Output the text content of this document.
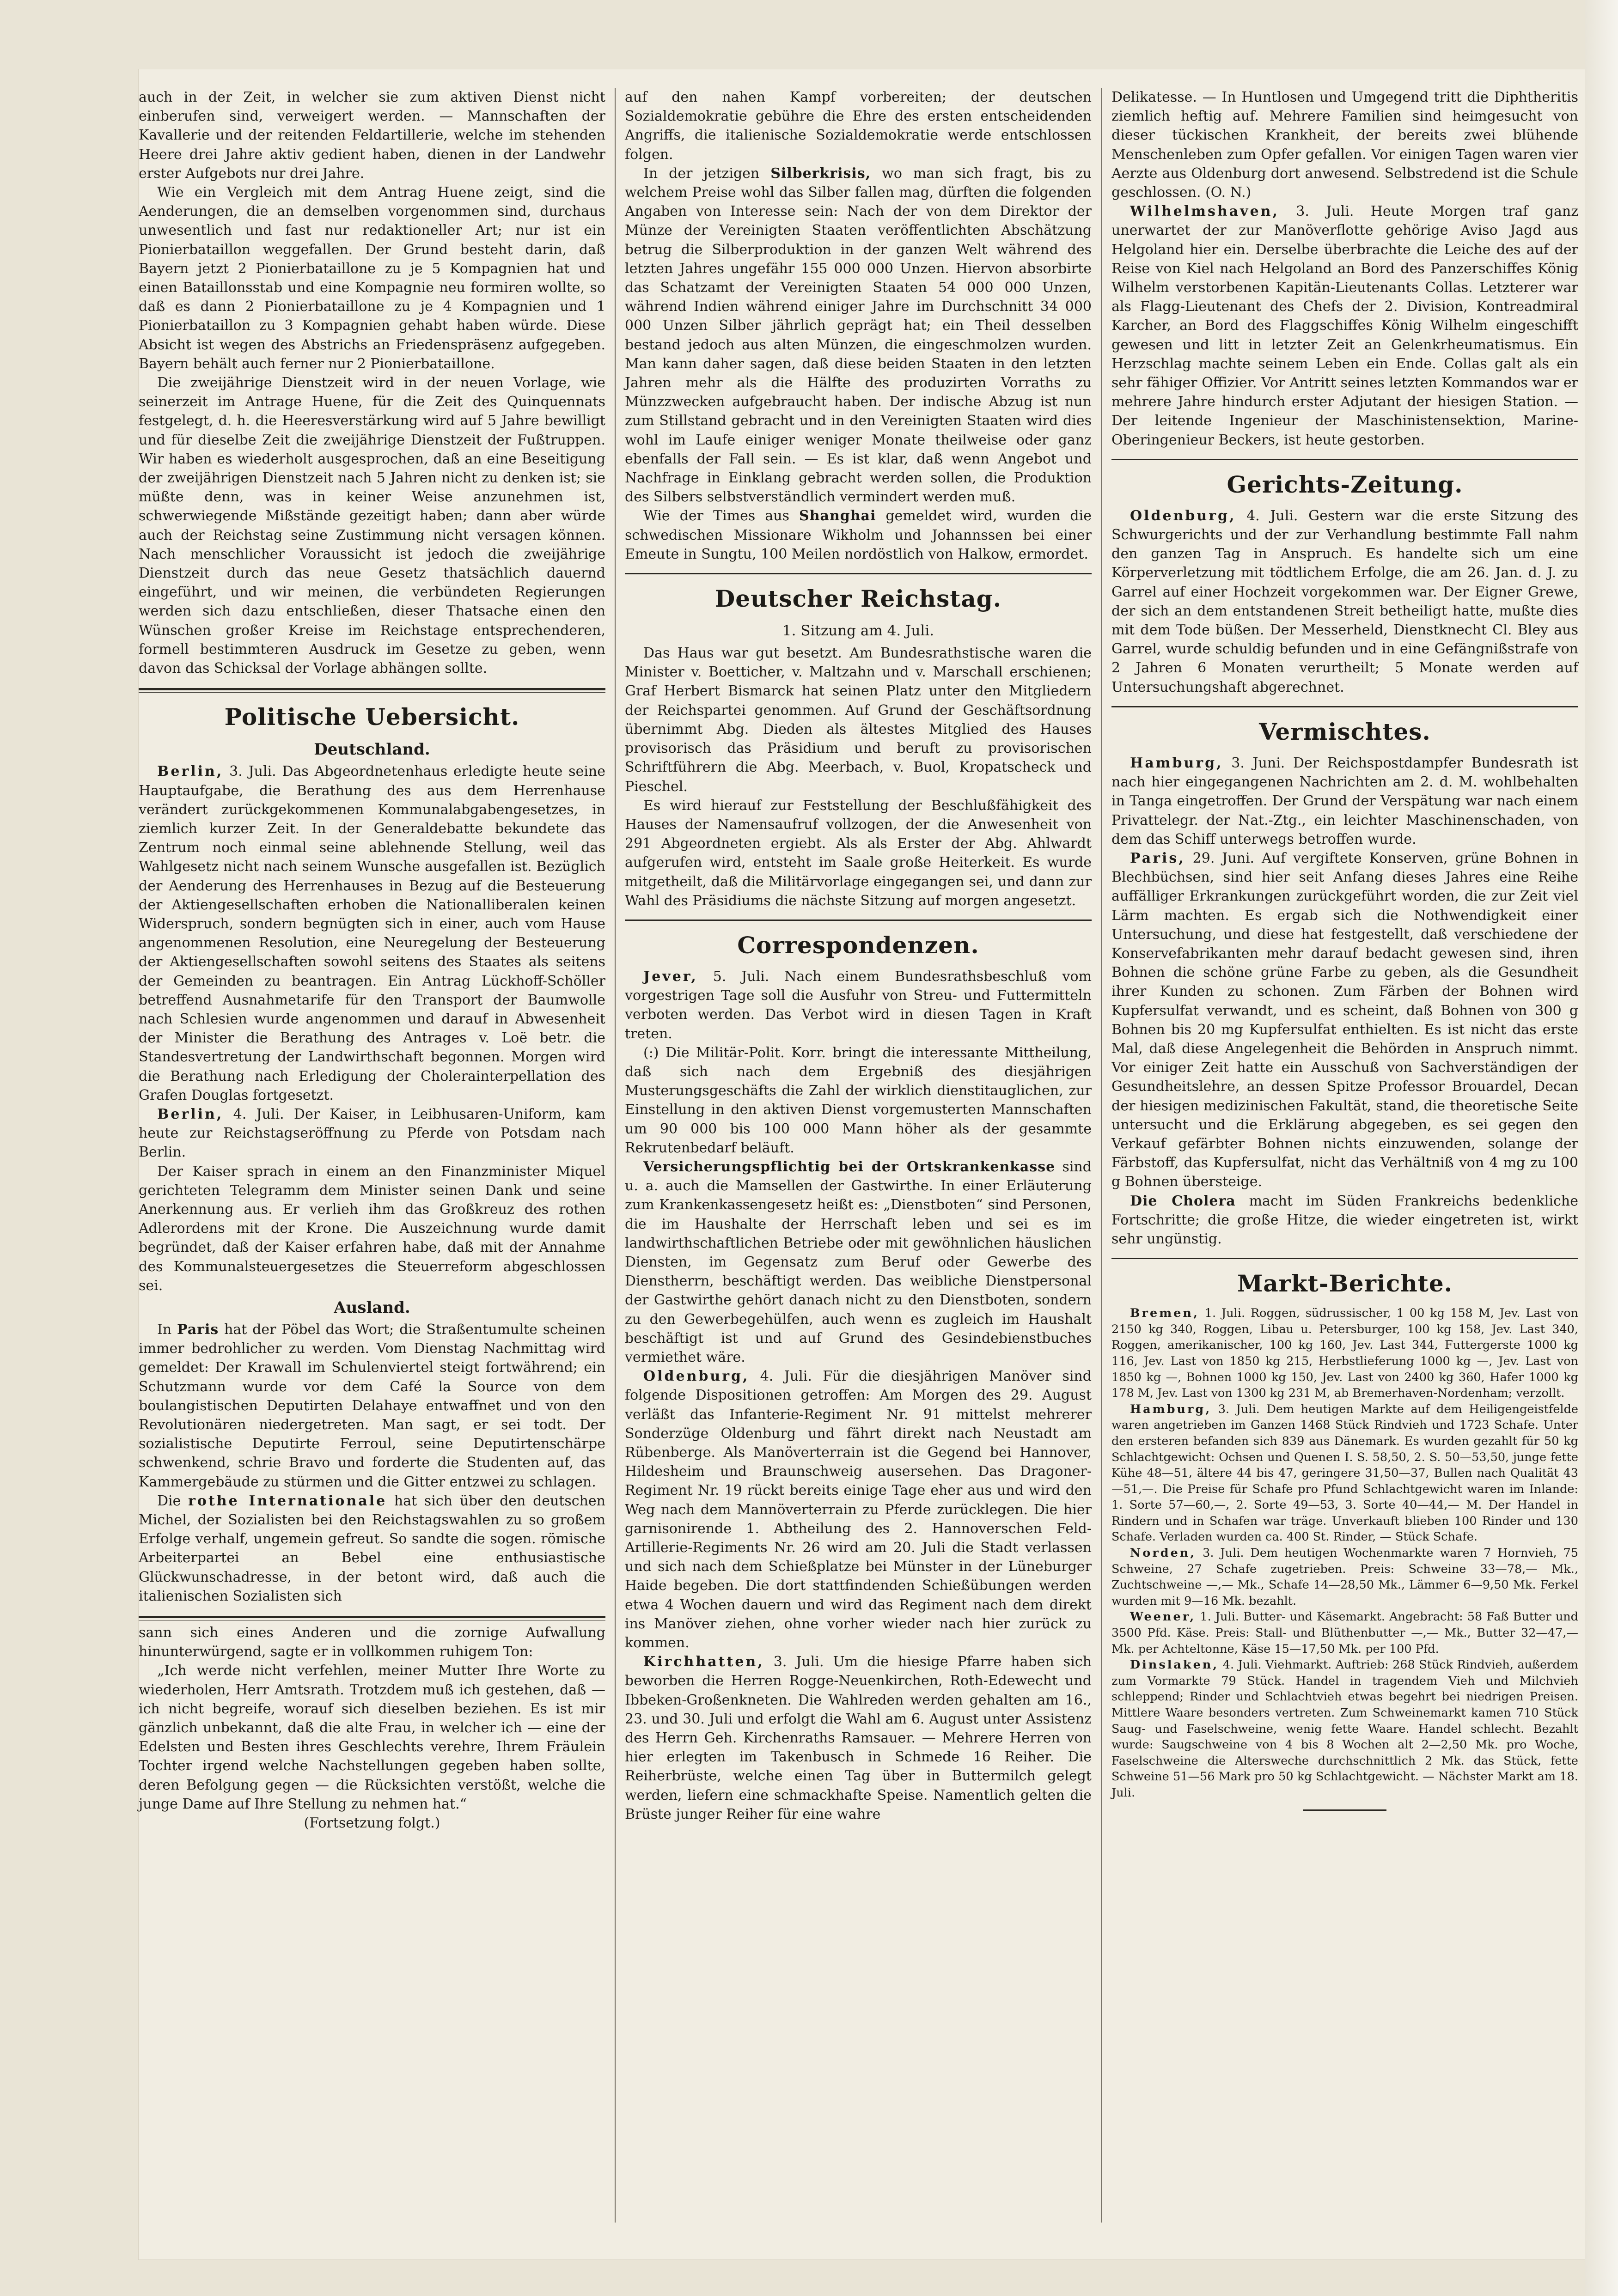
auch in der Zeit, in welcher sie zum aktiven Dienst nicht einberufen sind, verweigert werden. — Mannschaften der Kavallerie und der reitenden Feldartillerie, welche im stehenden Heere drei Jahre aktiv gedient haben, dienen in der Landwehr erster Aufgebots nur drei Jahre.

Wie ein Vergleich mit dem Antrag Huene zeigt, sind die Aenderungen, die an demselben vorgenommen sind, durchaus unwesentlich und fast nur redaktioneller Art; nur ist ein Pionierbataillon weggefallen. Der Grund besteht darin, daß Bayern jetzt 2 Pionierbataillone zu je 5 Kompagnien hat und einen Bataillonsstab und eine Kompagnie neu formiren wollte, so daß es dann 2 Pionierbataillone zu je 4 Kompagnien und 1 Pionierbataillon zu 3 Kompagnien gehabt haben würde. Diese Absicht ist wegen des Abstrichs an Friedenspräsenz aufgegeben. Bayern behält auch ferner nur 2 Pionierbataillone.

Die zweijährige Dienstzeit wird in der neuen Vorlage, wie seinerzeit im Antrage Huene, für die Zeit des Quinquennats festgelegt, d. h. die Heeresverstärkung wird auf 5 Jahre bewilligt und für dieselbe Zeit die zweijährige Dienstzeit der Fußtruppen. Wir haben es wiederholt ausgesprochen, daß an eine Beseitigung der zweijährigen Dienstzeit nach 5 Jahren nicht zu denken ist; sie müßte denn, was in keiner Weise anzunehmen ist, schwerwiegende Mißstände gezeitigt haben; dann aber würde auch der Reichstag seine Zustimmung nicht versagen können. Nach menschlicher Voraussicht ist jedoch die zweijährige Dienstzeit durch das neue Gesetz thatsächlich dauernd eingeführt, und wir meinen, die verbündeten Regierungen werden sich dazu entschließen, dieser Thatsache einen den Wünschen großer Kreise im Reichstage entsprechenderen, formell bestimmteren Ausdruck im Gesetze zu geben, wenn davon das Schicksal der Vorlage abhängen sollte.

Politische Uebersicht.
Deutschland.

Berlin, 3. Juli. Das Abgeordnetenhaus erledigte heute seine Hauptaufgabe, die Berathung des aus dem Herrenhause verändert zurückgekommenen Kommunalabgabengesetzes, in ziemlich kurzer Zeit. In der Generaldebatte bekundete das Zentrum noch einmal seine ablehnende Stellung, weil das Wahlgesetz nicht nach seinem Wunsche ausgefallen ist. Bezüglich der Aenderung des Herrenhauses in Bezug auf die Besteuerung der Aktiengesellschaften erhoben die Nationalliberalen keinen Widerspruch, sondern begnügten sich in einer, auch vom Hause angenommenen Resolution, eine Neuregelung der Besteuerung der Aktiengesellschaften sowohl seitens des Staates als seitens der Gemeinden zu beantragen. Ein Antrag Lückhoff-Schöller betreffend Ausnahmetarife für den Transport der Baumwolle nach Schlesien wurde angenommen und darauf in Abwesenheit der Minister die Berathung des Antrages v. Loë betr. die Standesvertretung der Landwirthschaft begonnen. Morgen wird die Berathung nach Erledigung der Cholerainterpellation des Grafen Douglas fortgesetzt.

Berlin, 4. Juli. Der Kaiser, in Leibhusaren-Uniform, kam heute zur Reichstagseröffnung zu Pferde von Potsdam nach Berlin.

Der Kaiser sprach in einem an den Finanzminister Miquel gerichteten Telegramm dem Minister seinen Dank und seine Anerkennung aus. Er verlieh ihm das Großkreuz des rothen Adlerordens mit der Krone. Die Auszeichnung wurde damit begründet, daß der Kaiser erfahren habe, daß mit der Annahme des Kommunalsteuergesetzes die Steuerreform abgeschlossen sei.

Ausland.

In Paris hat der Pöbel das Wort; die Straßentumulte scheinen immer bedrohlicher zu werden. Vom Dienstag Nachmittag wird gemeldet: Der Krawall im Schulenviertel steigt fortwährend; ein Schutzmann wurde vor dem Café la Source von dem boulangistischen Deputirten Delahaye entwaffnet und von den Revolutionären niedergetreten. Man sagt, er sei todt. Der sozialistische Deputirte Ferroul, seine Deputirtenschärpe schwenkend, schrie Bravo und forderte die Studenten auf, das Kammergebäude zu stürmen und die Gitter entzwei zu schlagen.

Die rothe Internationale hat sich über den deutschen Michel, der Sozialisten bei den Reichstagswahlen zu so großem Erfolge verhalf, ungemein gefreut. So sandte die sogen. römische Arbeiterpartei an Bebel eine enthusiastische Glückwunschadresse, in der betont wird, daß auch die italienischen Sozialisten sich

sann sich eines Anderen und die zornige Aufwallung hinunterwürgend, sagte er in vollkommen ruhigem Ton:

„Ich werde nicht verfehlen, meiner Mutter Ihre Worte zu wiederholen, Herr Amtsrath. Trotzdem muß ich gestehen, daß — ich nicht begreife, worauf sich dieselben beziehen. Es ist mir gänzlich unbekannt, daß die alte Frau, in welcher ich — eine der Edelsten und Besten ihres Geschlechts verehre, Ihrem Fräulein Tochter irgend welche Nachstellungen gegeben haben sollte, deren Befolgung gegen — die Rücksichten verstößt, welche die junge Dame auf Ihre Stellung zu nehmen hat.“

(Fortsetzung folgt.)

auf den nahen Kampf vorbereiten; der deutschen Sozialdemokratie gebühre die Ehre des ersten entscheidenden Angriffs, die italienische Sozialdemokratie werde entschlossen folgen.

In der jetzigen Silberkrisis, wo man sich fragt, bis zu welchem Preise wohl das Silber fallen mag, dürften die folgenden Angaben von Interesse sein: Nach der von dem Direktor der Münze der Vereinigten Staaten veröffentlichten Abschätzung betrug die Silberproduktion in der ganzen Welt während des letzten Jahres ungefähr 155 000 000 Unzen. Hiervon absorbirte das Schatzamt der Vereinigten Staaten 54 000 000 Unzen, während Indien während einiger Jahre im Durchschnitt 34 000 000 Unzen Silber jährlich geprägt hat; ein Theil desselben bestand jedoch aus alten Münzen, die eingeschmolzen wurden. Man kann daher sagen, daß diese beiden Staaten in den letzten Jahren mehr als die Hälfte des produzirten Vorraths zu Münzzwecken aufgebraucht haben. Der indische Abzug ist nun zum Stillstand gebracht und in den Vereinigten Staaten wird dies wohl im Laufe einiger weniger Monate theilweise oder ganz ebenfalls der Fall sein. — Es ist klar, daß wenn Angebot und Nachfrage in Einklang gebracht werden sollen, die Produktion des Silbers selbstverständlich vermindert werden muß.

Wie der Times aus Shanghai gemeldet wird, wurden die schwedischen Missionare Wikholm und Johannssen bei einer Emeute in Sungtu, 100 Meilen nordöstlich von Halkow, ermordet.

Deutscher Reichstag.
1. Sitzung am 4. Juli.

Das Haus war gut besetzt. Am Bundesrathstische waren die Minister v. Boetticher, v. Maltzahn und v. Marschall erschienen; Graf Herbert Bismarck hat seinen Platz unter den Mitgliedern der Reichspartei genommen. Auf Grund der Geschäftsordnung übernimmt Abg. Dieden als ältestes Mitglied des Hauses provisorisch das Präsidium und beruft zu provisorischen Schriftführern die Abg. Meerbach, v. Buol, Kropatscheck und Pieschel.

Es wird hierauf zur Feststellung der Beschlußfähigkeit des Hauses der Namensaufruf vollzogen, der die Anwesenheit von 291 Abgeordneten ergiebt. Als als Erster der Abg. Ahlwardt aufgerufen wird, entsteht im Saale große Heiterkeit. Es wurde mitgetheilt, daß die Militärvorlage eingegangen sei, und dann zur Wahl des Präsidiums die nächste Sitzung auf morgen angesetzt.

Correspondenzen.

Jever, 5. Juli. Nach einem Bundesrathsbeschluß vom vorgestrigen Tage soll die Ausfuhr von Streu- und Futtermitteln verboten werden. Das Verbot wird in diesen Tagen in Kraft treten.

(:) Die Militär-Polit. Korr. bringt die interessante Mittheilung, daß sich nach dem Ergebniß des diesjährigen Musterungsgeschäfts die Zahl der wirklich dienstitauglichen, zur Einstellung in den aktiven Dienst vorgemusterten Mannschaften um 90 000 bis 100 000 Mann höher als der gesammte Rekrutenbedarf beläuft.

Versicherungspflichtig bei der Ortskrankenkasse sind u. a. auch die Mamsellen der Gastwirthe. In einer Erläuterung zum Krankenkassengesetz heißt es: „Dienstboten“ sind Personen, die im Haushalte der Herrschaft leben und sei es im landwirthschaftlichen Betriebe oder mit gewöhnlichen häuslichen Diensten, im Gegensatz zum Beruf oder Gewerbe des Dienstherrn, beschäftigt werden. Das weibliche Dienstpersonal der Gastwirthe gehört danach nicht zu den Dienstboten, sondern zu den Gewerbegehülfen, auch wenn es zugleich im Haushalt beschäftigt ist und auf Grund des Gesindebienstbuches vermiethet wäre.

Oldenburg, 4. Juli. Für die diesjährigen Manöver sind folgende Dispositionen getroffen: Am Morgen des 29. August verläßt das Infanterie-Regiment Nr. 91 mittelst mehrerer Sonderzüge Oldenburg und fährt direkt nach Neustadt am Rübenberge. Als Manöverterrain ist die Gegend bei Hannover, Hildesheim und Braunschweig ausersehen. Das Dragoner-Regiment Nr. 19 rückt bereits einige Tage eher aus und wird den Weg nach dem Mannöverterrain zu Pferde zurücklegen. Die hier garnisonirende 1. Abtheilung des 2. Hannoverschen Feld-Artillerie-Regiments Nr. 26 wird am 20. Juli die Stadt verlassen und sich nach dem Schießplatze bei Münster in der Lüneburger Haide begeben. Die dort stattfindenden Schießübungen werden etwa 4 Wochen dauern und wird das Regiment nach dem direkt ins Manöver ziehen, ohne vorher wieder nach hier zurück zu kommen.

Kirchhatten, 3. Juli. Um die hiesige Pfarre haben sich beworben die Herren Rogge-Neuenkirchen, Roth-Edewecht und Ibbeken-Großenkneten. Die Wahlreden werden gehalten am 16., 23. und 30. Juli und erfolgt die Wahl am 6. August unter Assistenz des Herrn Geh. Kirchenraths Ramsauer. — Mehrere Herren von hier erlegten im Takenbusch in Schmede 16 Reiher. Die Reiherbrüste, welche einen Tag über in Buttermilch gelegt werden, liefern eine schmackhafte Speise. Namentlich gelten die Brüste junger Reiher für eine wahre

Delikatesse. — In Huntlosen und Umgegend tritt die Diphtheritis ziemlich heftig auf. Mehrere Familien sind heimgesucht von dieser tückischen Krankheit, der bereits zwei blühende Menschenleben zum Opfer gefallen. Vor einigen Tagen waren vier Aerzte aus Oldenburg dort anwesend. Selbstredend ist die Schule geschlossen. (O. N.)

Wilhelmshaven, 3. Juli. Heute Morgen traf ganz unerwartet der zur Manöverflotte gehörige Aviso Jagd aus Helgoland hier ein. Derselbe überbrachte die Leiche des auf der Reise von Kiel nach Helgoland an Bord des Panzerschiffes König Wilhelm verstorbenen Kapitän-Lieutenants Collas. Letzterer war als Flagg-Lieutenant des Chefs der 2. Division, Kontreadmiral Karcher, an Bord des Flaggschiffes König Wilhelm eingeschifft gewesen und litt in letzter Zeit an Gelenkrheumatismus. Ein Herzschlag machte seinem Leben ein Ende. Collas galt als ein sehr fähiger Offizier. Vor Antritt seines letzten Kommandos war er mehrere Jahre hindurch erster Adjutant der hiesigen Station. — Der leitende Ingenieur der Maschinistensektion, Marine-Oberingenieur Beckers, ist heute gestorben.

Gerichts-Zeitung.

Oldenburg, 4. Juli. Gestern war die erste Sitzung des Schwurgerichts und der zur Verhandlung bestimmte Fall nahm den ganzen Tag in Anspruch. Es handelte sich um eine Körperverletzung mit tödtlichem Erfolge, die am 26. Jan. d. J. zu Garrel auf einer Hochzeit vorgekommen war. Der Eigner Grewe, der sich an dem entstandenen Streit betheiligt hatte, mußte dies mit dem Tode büßen. Der Messerheld, Dienstknecht Cl. Bley aus Garrel, wurde schuldig befunden und in eine Gefängnißstrafe von 2 Jahren 6 Monaten verurtheilt; 5 Monate werden auf Untersuchungshaft abgerechnet.

Vermischtes.

Hamburg, 3. Juni. Der Reichspostdampfer Bundesrath ist nach hier eingegangenen Nachrichten am 2. d. M. wohlbehalten in Tanga eingetroffen. Der Grund der Verspätung war nach einem Privattelegr. der Nat.-Ztg., ein leichter Maschinenschaden, von dem das Schiff unterwegs betroffen wurde.

Paris, 29. Juni. Auf vergiftete Konserven, grüne Bohnen in Blechbüchsen, sind hier seit Anfang dieses Jahres eine Reihe auffälliger Erkrankungen zurückgeführt worden, die zur Zeit viel Lärm machten. Es ergab sich die Nothwendigkeit einer Untersuchung, und diese hat festgestellt, daß verschiedene der Konservefabrikanten mehr darauf bedacht gewesen sind, ihren Bohnen die schöne grüne Farbe zu geben, als die Gesundheit ihrer Kunden zu schonen. Zum Färben der Bohnen wird Kupfersulfat verwandt, und es scheint, daß Bohnen von 300 g Bohnen bis 20 mg Kupfersulfat enthielten. Es ist nicht das erste Mal, daß diese Angelegenheit die Behörden in Anspruch nimmt. Vor einiger Zeit hatte ein Ausschuß von Sachverständigen der Gesundheitslehre, an dessen Spitze Professor Brouardel, Decan der hiesigen medizinischen Fakultät, stand, die theoretische Seite untersucht und die Erklärung abgegeben, es sei gegen den Verkauf gefärbter Bohnen nichts einzuwenden, solange der Färbstoff, das Kupfersulfat, nicht das Verhältniß von 4 mg zu 100 g Bohnen übersteige.

Die Cholera macht im Süden Frankreichs bedenkliche Fortschritte; die große Hitze, die wieder eingetreten ist, wirkt sehr ungünstig.

Markt-Berichte.

Bremen, 1. Juli. Roggen, südrussischer, 1 00 kg 158 M, Jev. Last von 2150 kg 340, Roggen, Libau u. Petersburger, 100 kg 158, Jev. Last 340, Roggen, amerikanischer, 100 kg 160, Jev. Last 344, Futtergerste 1000 kg 116, Jev. Last von 1850 kg 215, Herbstlieferung 1000 kg —, Jev. Last von 1850 kg —, Bohnen 1000 kg 150, Jev. Last von 2400 kg 360, Hafer 1000 kg 178 M, Jev. Last von 1300 kg 231 M, ab Bremerhaven-Nordenham; verzollt.

Hamburg, 3. Juli. Dem heutigen Markte auf dem Heiligengeistfelde waren angetrieben im Ganzen 1468 Stück Rindvieh und 1723 Schafe. Unter den ersteren befanden sich 839 aus Dänemark. Es wurden gezahlt für 50 kg Schlachtgewicht: Ochsen und Quenen I. S. 58,50, 2. S. 50—53,50, junge fette Kühe 48—51, ältere 44 bis 47, geringere 31,50—37, Bullen nach Qualität 43—51,—. Die Preise für Schafe pro Pfund Schlachtgewicht waren im Inlande: 1. Sorte 57—60,—, 2. Sorte 49—53, 3. Sorte 40—44,— M. Der Handel in Rindern und in Schafen war träge. Unverkauft blieben 100 Rinder und 130 Schafe. Verladen wurden ca. 400 St. Rinder, — Stück Schafe.

Norden, 3. Juli. Dem heutigen Wochenmarkte waren 7 Hornvieh, 75 Schweine, 27 Schafe zugetrieben. Preis: Schweine 33—78,— Mk., Zuchtschweine —,— Mk., Schafe 14—28,50 Mk., Lämmer 6—9,50 Mk. Ferkel wurden mit 9—16 Mk. bezahlt.

Weener, 1. Juli. Butter- und Käsemarkt. Angebracht: 58 Faß Butter und 3500 Pfd. Käse. Preis: Stall- und Blüthenbutter —,— Mk., Butter 32—47,— Mk. per Achteltonne, Käse 15—17,50 Mk. per 100 Pfd.

Dinslaken, 4. Juli. Viehmarkt. Auftrieb: 268 Stück Rindvieh, außerdem zum Vormarkte 79 Stück. Handel in tragendem Vieh und Milchvieh schleppend; Rinder und Schlachtvieh etwas begehrt bei niedrigen Preisen. Mittlere Waare besonders vertreten. Zum Schweinemarkt kamen 710 Stück Saug- und Faselschweine, wenig fette Waare. Handel schlecht. Bezahlt wurde: Saugschweine von 4 bis 8 Wochen alt 2—2,50 Mk. pro Woche, Faselschweine die Altersweche durchschnittlich 2 Mk. das Stück, fette Schweine 51—56 Mark pro 50 kg Schlachtgewicht. — Nächster Markt am 18. Juli.
